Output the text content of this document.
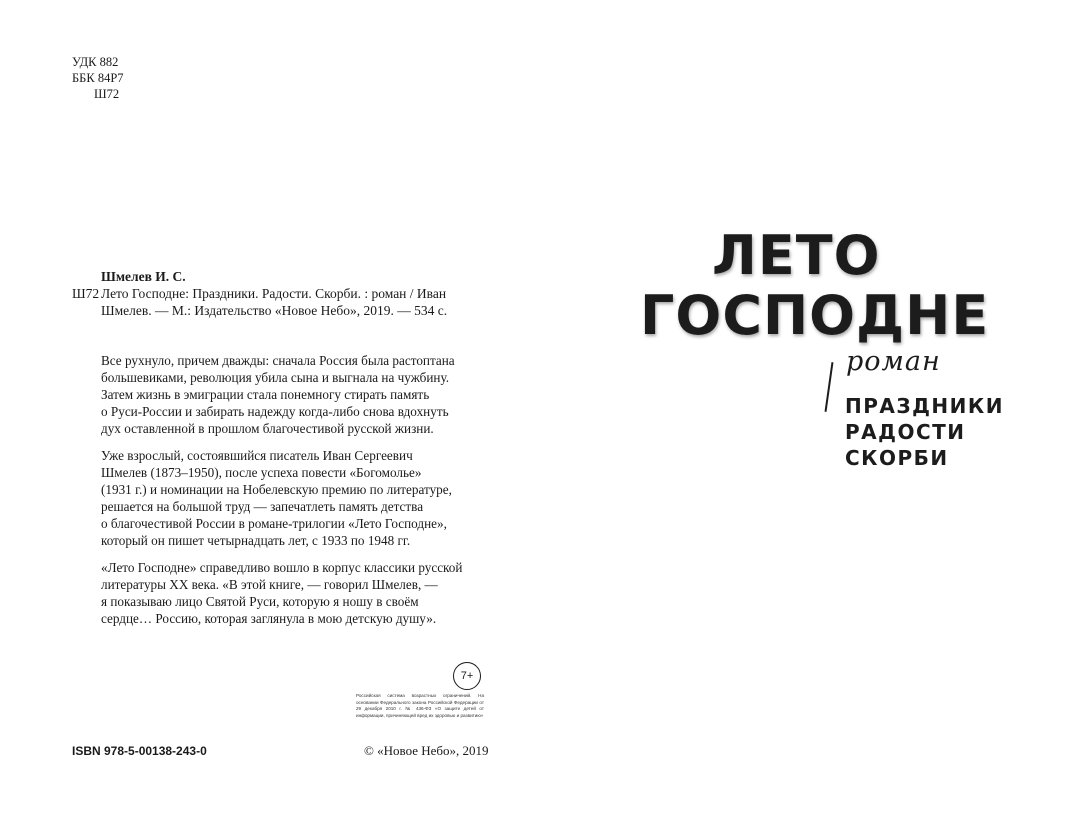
УДК 882
ББК 84Р7
Ш72
Шмелев И. С.
Ш72 Лето Господне: Праздники. Радости. Скорби. : роман / Иван
Шмелев. — М.: Издательство «Новое Небо», 2019. — 534 с.

Все рухнуло, причем дважды: сначала Россия была растоптана
большевиками, революция убила сына и выгнала на чужбину.
Затем жизнь в эмиграции стала понемногу стирать память
о Руси-России и забирать надежду когда-либо снова вдохнуть
дух оставленной в прошлом благочестивой русской жизни.

Уже взрослый, состоявшийся писатель Иван Сергеевич
Шмелев (1873–1950), после успеха повести «Богомолье»
(1931 г.) и номинации на Нобелевскую премию по литературе,
решается на большой труд — запечатлеть память детства
о благочестивой России в романе-трилогии «Лето Господне»,
который он пишет четырнадцать лет, с 1933 по 1948 гг.

«Лето Господне» справедливо вошло в корпус классики русской
литературы XX века. «В этой книге, — говорил Шмелев, —
я показываю лицо Святой Руси, которую я ношу в своём
сердце… Россию, которая заглянула в мою детскую душу».

7+
Российская система возрастных ограничений. На основании Федерального закона Российской Федерации от 29 декабря 2010 г. № 436-ФЗ «О защите детей от информации, причиняющей вред их здоровью и развитию»
ISBN 978-5-00138-243-0	© «Новое Небо», 2019
ЛЕТО
ГОСПОДНЕ
роман
ПРАЗДНИКИ
РАДОСТИ
СКОРБИ
